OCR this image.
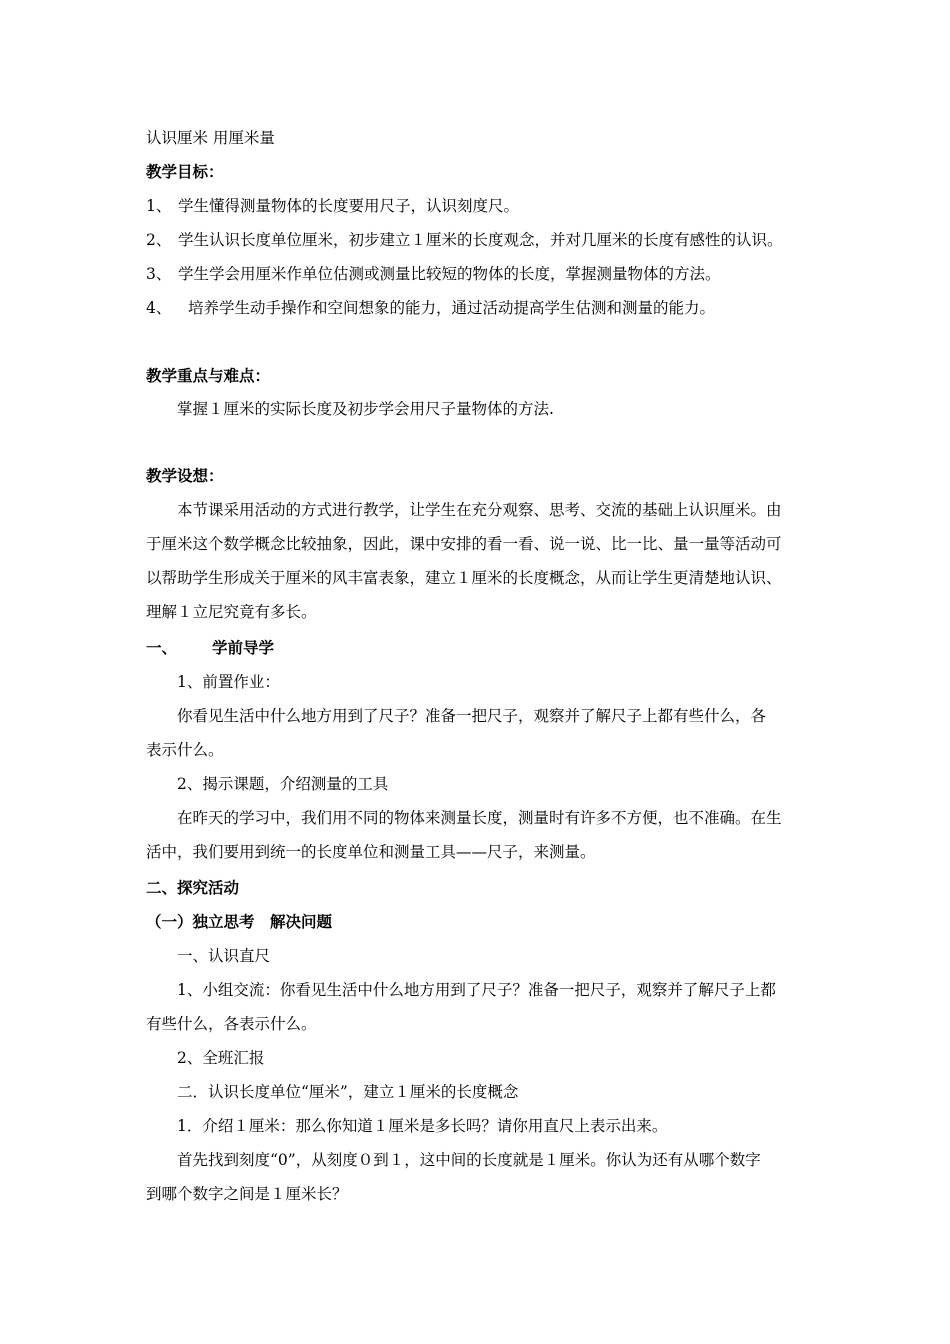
认识厘米 用厘米量
教学目标：
1、 学生懂得测量物体的长度要用尺子，认识刻度尺。
2、 学生认识长度单位厘米，初步建立１厘米的长度观念，并对几厘米的长度有感性的认识。
3、 学生学会用厘米作单位估测或测量比较短的物体的长度，掌握测量物体的方法。
4、 培养学生动手操作和空间想象的能力，通过活动提高学生估测和测量的能力。
教学重点与难点：
掌握１厘米的实际长度及初步学会用尺子量物体的方法.
教学设想：
本节课采用活动的方式进行教学，让学生在充分观察、思考、交流的基础上认识厘米。由
于厘米这个数学概念比较抽象，因此，课中安排的看一看、说一说、比一比、量一量等活动可
以帮助学生形成关于厘米的风丰富表象，建立１厘米的长度概念，从而让学生更清楚地认识、
理解１立尼究竟有多长。
一、 学前导学
1、前置作业：
你看见生活中什么地方用到了尺子？准备一把尺子，观察并了解尺子上都有些什么，各
表示什么。
2、揭示课题，介绍测量的工具
在昨天的学习中，我们用不同的物体来测量长度，测量时有许多不方便，也不准确。在生
活中，我们要用到统一的长度单位和测量工具——尺子，来测量。
二、探究活动
（一）独立思考　解决问题
一、认识直尺
1、小组交流：你看见生活中什么地方用到了尺子？准备一把尺子，观察并了解尺子上都
有些什么，各表示什么。
2、全班汇报
二．认识长度单位“厘米”，建立１厘米的长度概念
1．介绍１厘米：那么你知道１厘米是多长吗？请你用直尺上表示出来。
首先找到刻度“0”，从刻度０到１，这中间的长度就是１厘米。你认为还有从哪个数字
到哪个数字之间是１厘米长？
